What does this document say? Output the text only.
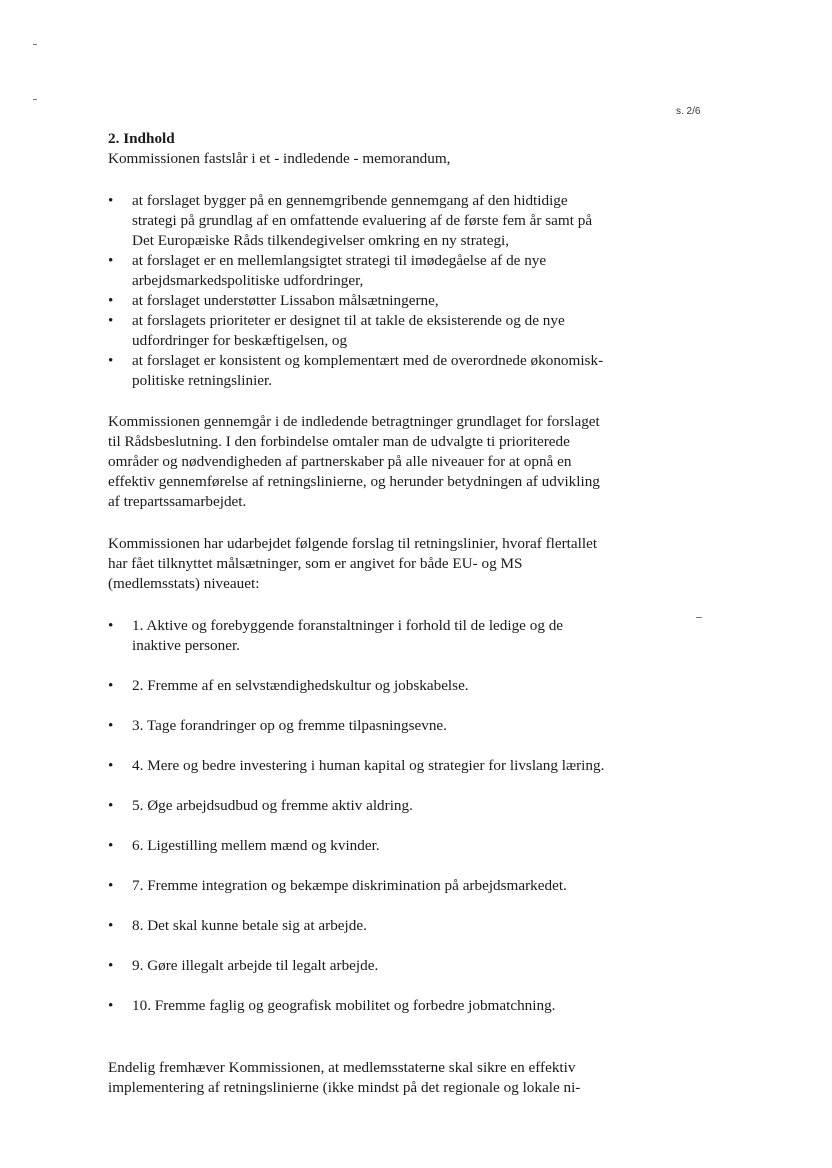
s. 2/6
2. Indhold
Kommissionen fastslår i et - indledende - memorandum,
• at forslaget bygger på en gennemgribende gennemgang af den hidtidige strategi på grundlag af en omfattende evaluering af de første fem år samt på Det Europæiske Råds tilkendegivelser omkring en ny strategi,
• at forslaget er en mellemlangsigtet strategi til imødegåelse af de nye arbejdsmarkedspolitiske udfordringer,
• at forslaget understøtter Lissabon målsætningerne,
• at forslagets prioriteter er designet til at takle de eksisterende og de nye udfordringer for beskæftigelsen, og
• at forslaget er konsistent og komplementært med de overordnede økonomisk-politiske retningslinier.
Kommissionen gennemgår i de indledende betragtninger grundlaget for forslaget til Rådsbeslutning. I den forbindelse omtaler man de udvalgte ti prioriterede områder og nødvendigheden af partnerskaber på alle niveauer for at opnå en effektiv gennemførelse af retningslinierne, og herunder betydningen af udvikling af trepartssamarbejdet.
Kommissionen har udarbejdet følgende forslag til retningslinier, hvoraf flertallet har fået tilknyttet målsætninger, som er angivet for både EU- og MS (medlemsstats) niveauet:
• 1. Aktive og forebyggende foranstaltninger i forhold til de ledige og de inaktive personer.
• 2. Fremme af en selvstændighedskultur og jobskabelse.
• 3. Tage forandringer op og fremme tilpasningsevne.
• 4. Mere og bedre investering i human kapital og strategier for livslang læring.
• 5. Øge arbejdsudbud og fremme aktiv aldring.
• 6. Ligestilling mellem mænd og kvinder.
• 7. Fremme integration og bekæmpe diskrimination på arbejdsmarkedet.
• 8. Det skal kunne betale sig at arbejde.
• 9. Gøre illegalt arbejde til legalt arbejde.
• 10. Fremme faglig og geografisk mobilitet og forbedre jobmatchning.
Endelig fremhæver Kommissionen, at medlemsstaterne skal sikre en effektiv implementering af retningslinierne (ikke mindst på det regionale og lokale ni-
